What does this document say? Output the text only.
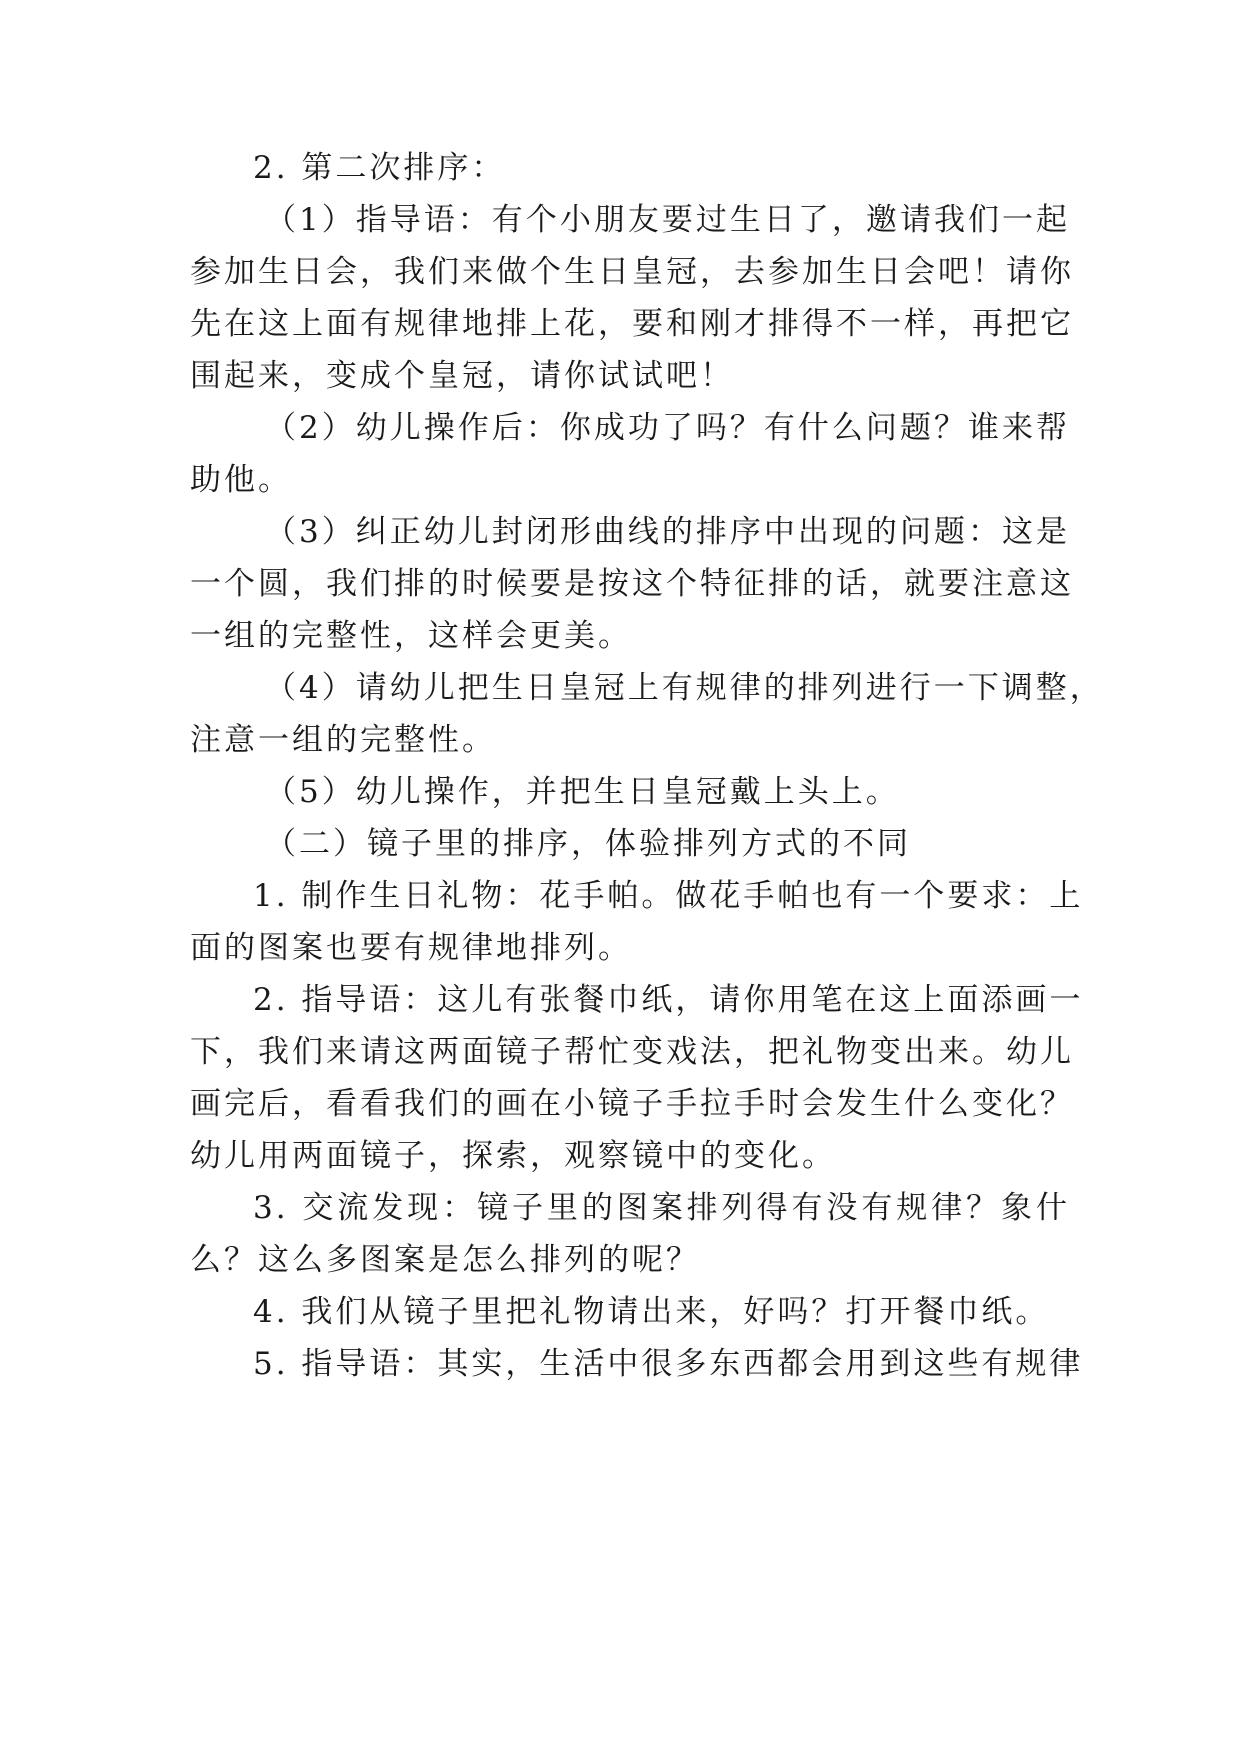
2. 第二次排序：
（1）指导语：有个小朋友要过生日了，邀请我们一起
参加生日会，我们来做个生日皇冠，去参加生日会吧！请你
先在这上面有规律地排上花，要和刚才排得不一样，再把它
围起来，变成个皇冠，请你试试吧！
（2）幼儿操作后：你成功了吗？有什么问题？谁来帮
助他。
（3）纠正幼儿封闭形曲线的排序中出现的问题：这是
一个圆，我们排的时候要是按这个特征排的话，就要注意这
一组的完整性，这样会更美。
（4）请幼儿把生日皇冠上有规律的排列进行一下调整，
注意一组的完整性。
（5）幼儿操作，并把生日皇冠戴上头上。
（二）镜子里的排序，体验排列方式的不同
1. 制作生日礼物：花手帕。做花手帕也有一个要求：上
面的图案也要有规律地排列。
2. 指导语：这儿有张餐巾纸，请你用笔在这上面添画一
下，我们来请这两面镜子帮忙变戏法，把礼物变出来。幼儿
画完后，看看我们的画在小镜子手拉手时会发生什么变化？
幼儿用两面镜子，探索，观察镜中的变化。
3. 交流发现：镜子里的图案排列得有没有规律？象什
么？这么多图案是怎么排列的呢？
4. 我们从镜子里把礼物请出来，好吗？打开餐巾纸。
5. 指导语：其实，生活中很多东西都会用到这些有规律
